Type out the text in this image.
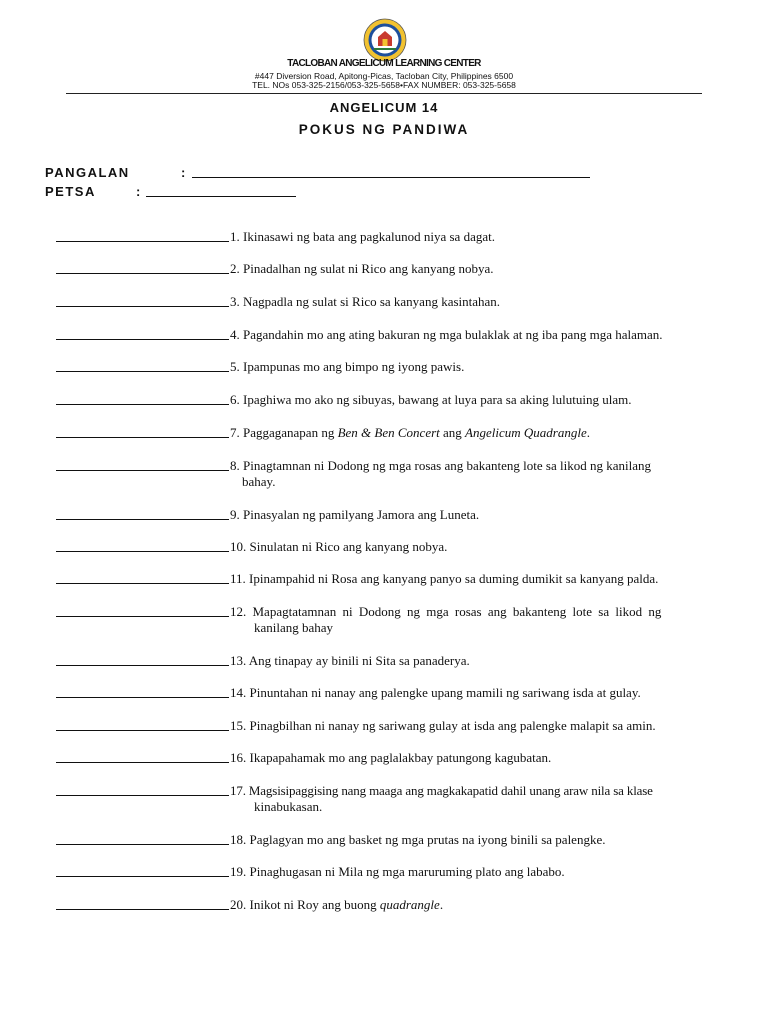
TACLOBAN ANGELICUM LEARNING CENTER
#447 Diversion Road, Apitong-Picas, Tacloban City, Philippines 6500
TEL. NOs 053-325-2156/053-325-5658•FAX NUMBER: 053-325-5658
ANGELICUM 14
POKUS NG PANDIWA
PANGALAN	:
PETSA	:
1. Ikinasawi ng bata ang pagkalunod niya sa dagat.
2. Pinadalhan ng sulat ni Rico ang kanyang nobya.
3. Nagpadla ng sulat si Rico sa kanyang kasintahan.
4. Pagandahin mo ang ating bakuran ng mga bulaklak at ng iba pang mga halaman.
5. Ipampunas mo ang bimpo ng iyong pawis.
6. Ipaghiwa mo ako ng sibuyas, bawang at luya para sa aking lulutuing ulam.
7. Paggaganapan ng Ben & Ben Concert ang Angelicum Quadrangle.
8. Pinagtamnan ni Dodong ng mga rosas ang bakanteng lote sa likod ng kanilang
bahay.
9. Pinasyalan ng pamilyang Jamora ang Luneta.
10. Sinulatan ni Rico ang kanyang nobya.
11. Ipinampahid ni Rosa ang kanyang panyo sa duming dumikit sa kanyang palda.
12. Mapagtatamnan ni Dodong ng mga rosas ang bakanteng lote sa likod ng
kanilang bahay
13. Ang tinapay ay binili ni Sita sa panaderya.
14. Pinuntahan ni nanay ang palengke upang mamili ng sariwang isda at gulay.
15. Pinagbilhan ni nanay ng sariwang gulay at isda ang palengke malapit sa amin.
16. Ikapapahamak mo ang paglalakbay patungong kagubatan.
17. Magsisipaggising nang maaga ang magkakapatid dahil unang araw nila sa klase
kinabukasan.
18. Paglagyan mo ang basket ng mga prutas na iyong binili sa palengke.
19. Pinaghugasan ni Mila ng mga maruruming plato ang lababo.
20. Inikot ni Roy ang buong quadrangle.
